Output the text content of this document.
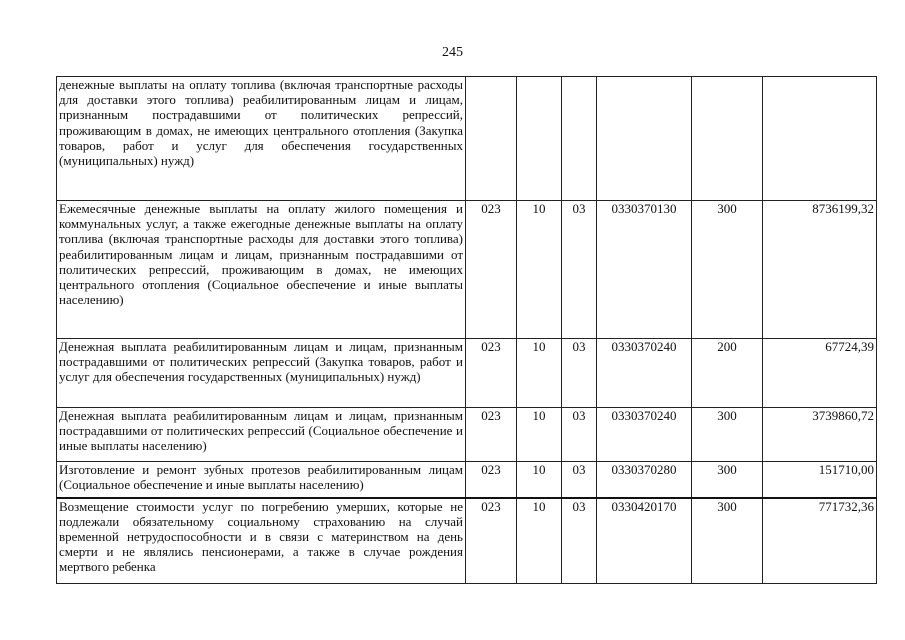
245
денежные выплаты на оплату топлива (включая транспортные расходы для доставки этого топлива) реабилитированным лицам и лицам, признанным пострадавшими от политических репрессий, проживающим в домах, не имеющих центрального отопления (Закупка товаров, работ и услуг для обеспечения государственных (муниципальных) нужд)						
Ежемесячные денежные выплаты на оплату жилого помещения и коммунальных услуг, а также ежегодные денежные выплаты на оплату топлива (включая транспортные расходы для доставки этого топлива) реабилитированным лицам и лицам, признанным пострадавшими от политических репрессий, проживающим в домах, не имеющих центрального отопления (Социальное обеспечение и иные выплаты населению)	023	10	03	0330370130	300	8736199,32
Денежная выплата реабилитированным лицам и лицам, признанным пострадавшими от политических репрессий (Закупка товаров, работ и услуг для обеспечения государственных (муниципальных) нужд)	023	10	03	0330370240	200	67724,39
Денежная выплата реабилитированным лицам и лицам, признанным пострадавшими от политических репрессий (Социальное обеспечение и иные выплаты населению)	023	10	03	0330370240	300	3739860,72
Изготовление и ремонт зубных протезов реабилитированным лицам (Социальное обеспечение и иные выплаты населению)	023	10	03	0330370280	300	151710,00
Возмещение стоимости услуг по погребению умерших, которые не подлежали обязательному социальному страхованию на случай временной нетрудоспособности и в связи с материнством на день смерти и не являлись пенсионерами, а также в случае рождения мертвого ребенка	023	10	03	0330420170	300	771732,36
